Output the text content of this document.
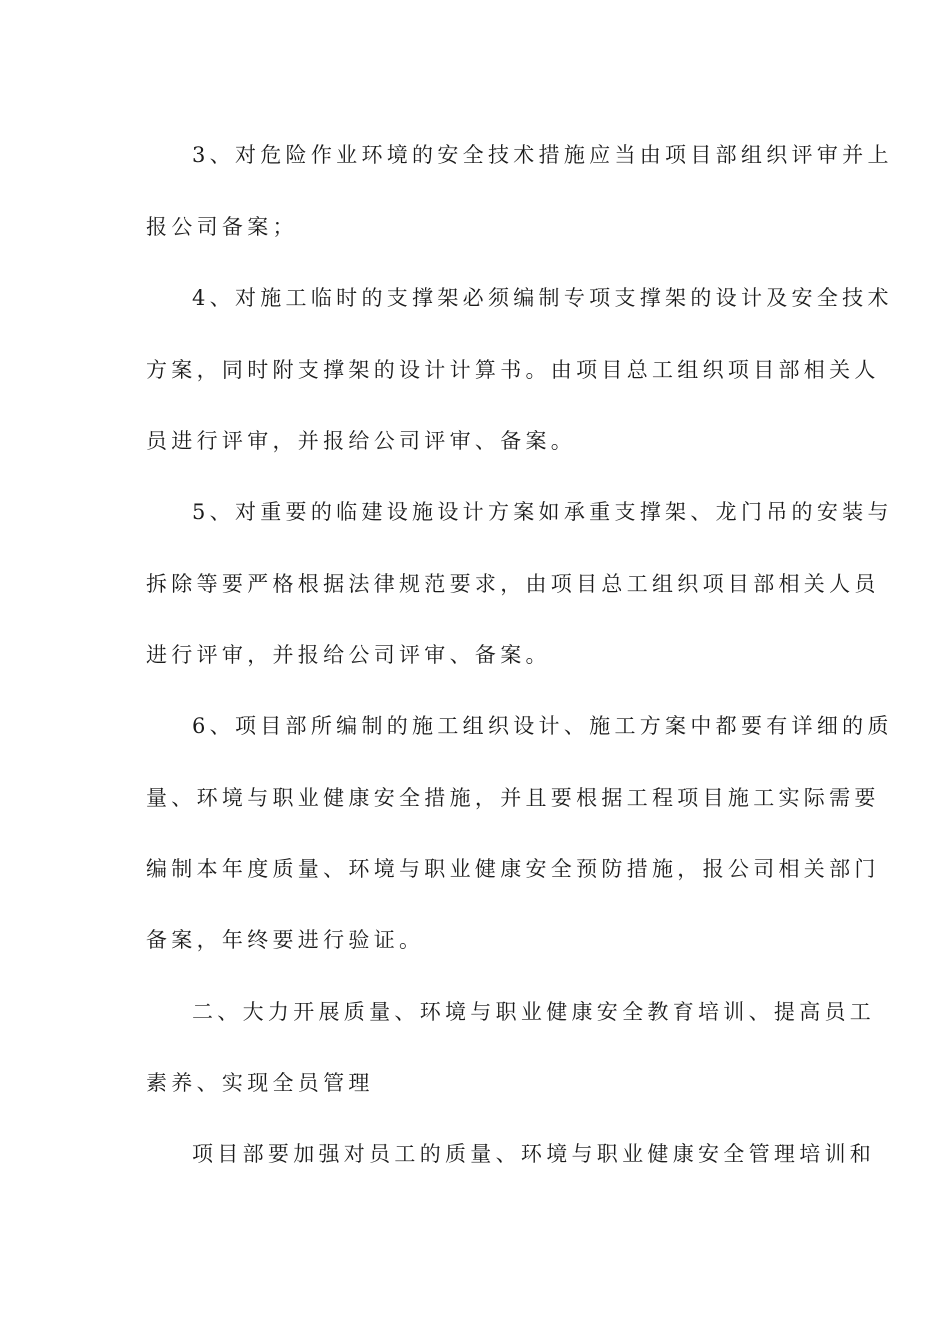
3、对危险作业环境的安全技术措施应当由项目部组织评审并上
报公司备案；
4、对施工临时的支撑架必须编制专项支撑架的设计及安全技术
方案，同时附支撑架的设计计算书。由项目总工组织项目部相关人
员进行评审，并报给公司评审、备案。
5、对重要的临建设施设计方案如承重支撑架、龙门吊的安装与
拆除等要严格根据法律规范要求，由项目总工组织项目部相关人员
进行评审，并报给公司评审、备案。
6、项目部所编制的施工组织设计、施工方案中都要有详细的质
量、环境与职业健康安全措施，并且要根据工程项目施工实际需要
编制本年度质量、环境与职业健康安全预防措施，报公司相关部门
备案，年终要进行验证。
二、大力开展质量、环境与职业健康安全教育培训、提高员工
素养、实现全员管理
项目部要加强对员工的质量、环境与职业健康安全管理培训和
